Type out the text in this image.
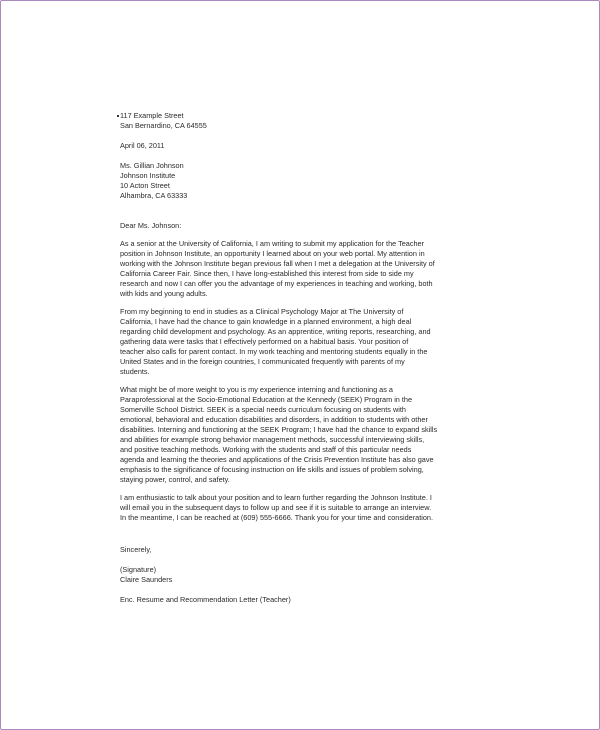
117 Example Street

San Bernardino, CA 64555

April 06, 2011

Ms. Gillian Johnson

Johnson Institute

10 Acton Street

Alhambra, CA 63333

Dear Ms. Johnson:

As a senior at the University of California, I am writing to submit my application for the Teacher

position in Johnson Institute, an opportunity I learned about on your web portal. My attention in

working with the Johnson Institute began previous fall when I met a delegation at the University of

California Career Fair. Since then, I have long-established this interest from side to side my

research and now I can offer you the advantage of my experiences in teaching and working, both

with kids and young adults.

From my beginning to end in studies as a Clinical Psychology Major at The University of

California, I have had the chance to gain knowledge in a planned environment, a high deal

regarding child development and psychology. As an apprentice, writing reports, researching, and

gathering data were tasks that I effectively performed on a habitual basis. Your position of

teacher also calls for parent contact. In my work teaching and mentoring students equally in the

United States and in the foreign countries, I communicated frequently with parents of my

students.

What might be of more weight to you is my experience interning and functioning as a

Paraprofessional at the Socio-Emotional Education at the Kennedy (SEEK) Program in the

Somerville School District. SEEK is a special needs curriculum focusing on students with

emotional, behavioral and education disabilities and disorders, in addition to students with other

disabilities. Interning and functioning at the SEEK Program; I have had the chance to expand skills

and abilities for example strong behavior management methods, successful interviewing skills,

and positive teaching methods. Working with the students and staff of this particular needs

agenda and learning the theories and applications of the Crisis Prevention Institute has also gave

emphasis to the significance of focusing instruction on life skills and issues of problem solving,

staying power, control, and safety.

I am enthusiastic to talk about your position and to learn further regarding the Johnson Institute. I

will email you in the subsequent days to follow up and see if it is suitable to arrange an interview.

In the meantime, I can be reached at (609) 555-6666. Thank you for your time and consideration.

Sincerely,

(Signature)

Claire Saunders

Enc. Resume and Recommendation Letter (Teacher)
